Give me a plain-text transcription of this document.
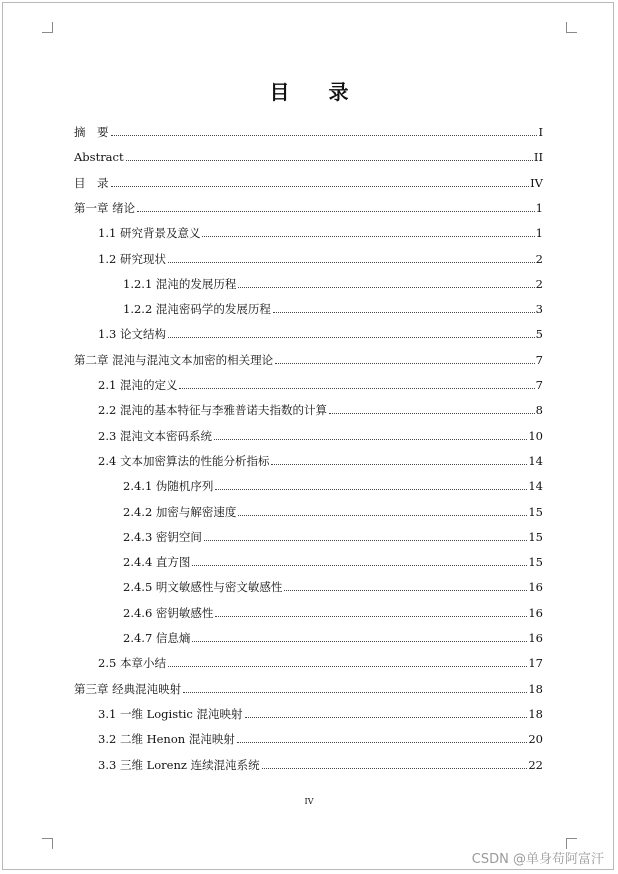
目 录
摘　要	I
Abstract	II
目　录	IV
第一章 绪论	1
1.1 研究背景及意义	1
1.2 研究现状	2
1.2.1 混沌的发展历程	2
1.2.2 混沌密码学的发展历程	3
1.3 论文结构	5
第二章 混沌与混沌文本加密的相关理论	7
2.1 混沌的定义	7
2.2 混沌的基本特征与李雅普诺夫指数的计算	8
2.3 混沌文本密码系统	10
2.4 文本加密算法的性能分析指标	14
2.4.1 伪随机序列	14
2.4.2 加密与解密速度	15
2.4.3 密钥空间	15
2.4.4 直方图	15
2.4.5 明文敏感性与密文敏感性	16
2.4.6 密钥敏感性	16
2.4.7 信息熵	16
2.5 本章小结	17
第三章 经典混沌映射	18
3.1 一维 Logistic 混沌映射	18
3.2 二维 Henon 混沌映射	20
3.3 三维 Lorenz 连续混沌系统	22
IV
CSDN @单身苟阿富汗
